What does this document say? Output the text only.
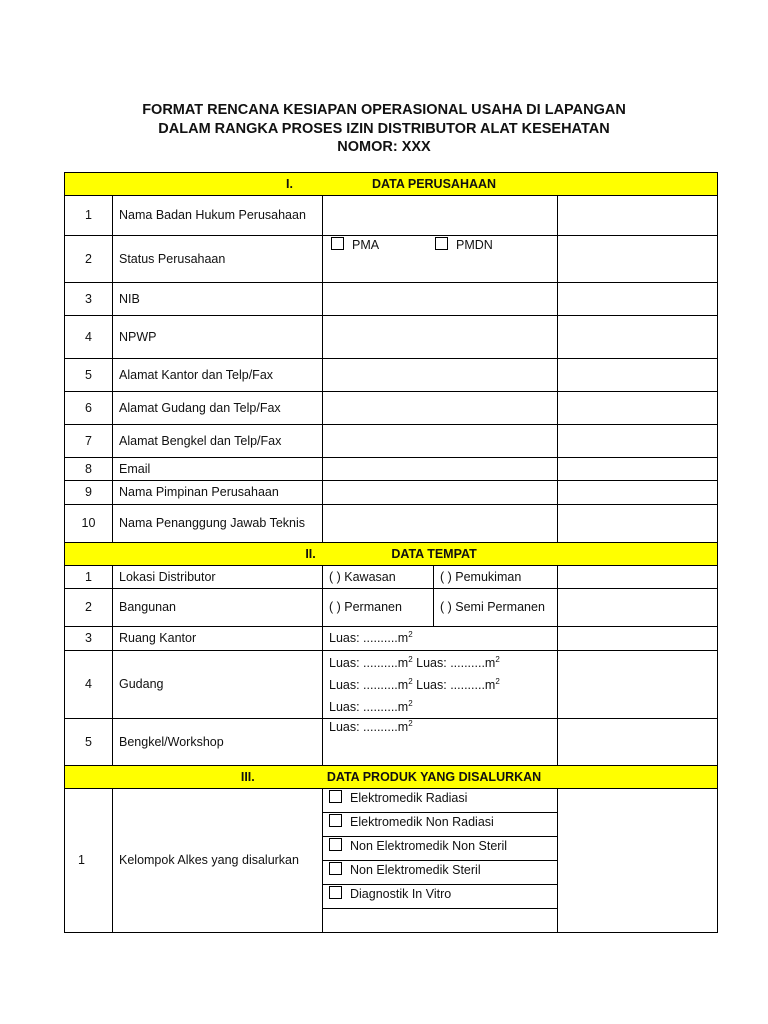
FORMAT RENCANA KESIAPAN OPERASIONAL USAHA DI LAPANGAN
DALAM RANGKA PROSES IZIN DISTRIBUTOR ALAT KESEHATAN
NOMOR: XXX
I. DATA PERUSAHAAN				
1	Nama Badan Hukum Perusahaan			
2	Status Perusahaan	PMA PMDN		
3	NIB			
4	NPWP			
5	Alamat Kantor dan Telp/Fax			
6	Alamat Gudang dan Telp/Fax			
7	Alamat Bengkel dan Telp/Fax			
8	Email			
9	Nama Pimpinan Perusahaan			
10	Nama Penanggung Jawab Teknis			
II. DATA TEMPAT				
1	Lokasi Distributor	( ) Kawasan	( ) Pemukiman	
2	Bangunan	( ) Permanen	( ) Semi Permanen	
3	Ruang Kantor	Luas: $..........m^2$	
4	Gudang	Luas: $..........m^2$ Luas: $..........m^2$
Luas: $..........m^2$ Luas: $..........m^2$
Luas: $..........m^2$

5	Bengkel/Workshop	Luas: $..........m^2$	
III. DATA PRODUK YANG DISALURKAN				
1	Kelompok Alkes yang disalurkan	Elektromedik Radiasi		
		Elektromedik Non Radiasi		
		Non Elektromedik Non Steril		
		Non Elektromedik Steril		
		Diagnostik In Vitro		
